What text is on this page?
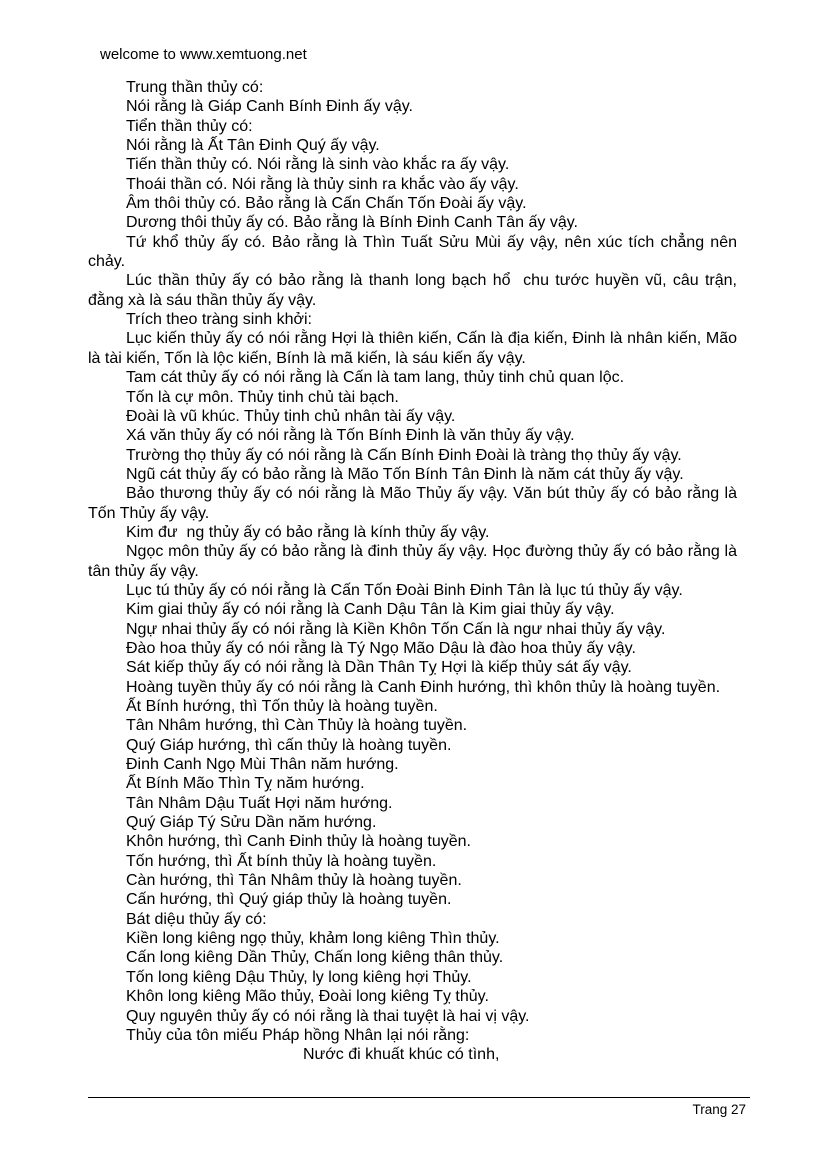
welcome to www.xemtuong.net

Trung thần thủy có:

Nói rằng là Giáp Canh Bính Đinh ấy vậy.

Tiển thần thủy có:

Nói rằng là Ất Tân Đinh Quý ấy vậy.

Tiến thần thủy có. Nói rằng là sinh vào khắc ra ấy vậy.

Thoái thần có. Nói rằng là thủy sinh ra khắc vào ấy vậy.

Âm thôi thủy có. Bảo rằng là Cấn Chấn Tốn Đoài ấy vậy.

Dương thôi thủy ấy có. Bảo rằng là Bính Đinh Canh Tân ấy vậy.

Tứ khổ thủy ấy có. Bảo rằng là Thìn Tuất Sửu Mùi ấy vậy, nên xúc tích chẳng nên chảy.

Lúc thần thủy ấy có bảo rằng là thanh long bạch hổ  chu tước huyền vũ, câu trận, đằng xà là sáu thần thủy ấy vậy.

Trích theo tràng sinh khởi:

Lục kiến thủy ấy có nói rằng Hợi là thiên kiến, Cấn là địa kiến, Đinh là nhân kiến, Mão là tài kiến, Tốn là lộc kiến, Bính là mã kiến, là sáu kiến ấy vậy.

Tam cát thủy ấy có nói rằng là Cấn là tam lang, thủy tinh chủ quan lộc.

Tốn là cự môn. Thủy tinh chủ tài bạch.

Đoài là vũ khúc. Thủy tinh chủ nhân tài ấy vậy.

Xá văn thủy ấy có nói rằng là Tốn Bính Đinh là văn thủy ấy vậy.

Trường thọ thủy ấy có nói rằng là Cấn Bính Đinh Đoài là tràng thọ thủy ấy vậy.

Ngũ cát thủy ấy có bảo rằng là Mão Tốn Bính Tân Đinh là năm cát thủy ấy vậy.

Bảo thương thủy ấy có nói rằng là Mão Thủy ấy vậy. Văn bút thủy ấy có bảo rằng là Tốn Thủy ấy vậy.

Kim đư  ng thủy ấy có bảo rằng là kính thủy ấy vậy.

Ngọc môn thủy ấy có bảo rằng là đinh thủy ấy vậy. Học đường thủy ấy có bảo rằng là tân thủy ấy vậy.

Lục tú thủy ấy có nói rằng là Cấn Tốn Đoài Binh Đinh Tân là lục tú thủy ấy vậy.

Kim giai thủy ấy có nói rằng là Canh Dậu Tân là Kim giai thủy ấy vậy.

Ngự nhai thủy ấy có nói rằng là Kiền Khôn Tốn Cấn là ngư nhai thủy ấy vậy.

Đào hoa thủy ấy có nói rằng là Tý Ngọ Mão Dậu là đào hoa thủy ấy vậy.

Sát kiếp thủy ấy có nói rằng là Dần Thân Tỵ Hợi là kiếp thủy sát ấy vậy.

Hoàng tuyền thủy ấy có nói rằng là Canh Đinh hướng, thì khôn thủy là hoàng tuyền.

Ất Bính hướng, thì Tốn thủy là hoàng tuyền.

Tân Nhâm hướng, thì Càn Thủy là hoàng tuyền.

Quý Giáp hướng, thì cấn thủy là hoàng tuyền.

Đinh Canh Ngọ Mùi Thân năm hướng.

Ất Bính Mão Thìn Tỵ năm hướng.

Tân Nhâm Dậu Tuất Hợi năm hướng.

Quý Giáp Tý Sửu Dần năm hướng.

Khôn hướng, thì Canh Đinh thủy là hoàng tuyền.

Tốn hướng, thì Ất bính thủy là hoàng tuyền.

Càn hướng, thì Tân Nhâm thủy là hoàng tuyền.

Cấn hướng, thì Quý giáp thủy là hoàng tuyền.

Bát diệu thủy ấy có:

Kiền long kiêng ngọ thủy, khảm long kiêng Thìn thủy.

Cấn long kiêng Dần Thủy, Chấn long kiêng thân thủy.

Tốn long kiêng Dậu Thủy, ly long kiêng hợi Thủy.

Khôn long kiêng Mão thủy, Đoài long kiêng Tỵ thủy.

Quy nguyên thủy ấy có nói rằng là thai tuyệt là hai vị vậy.

Thủy của tôn miếu Pháp hồng Nhân lại nói rằng:

Nước đi khuất khúc có tình,

Trang 27
